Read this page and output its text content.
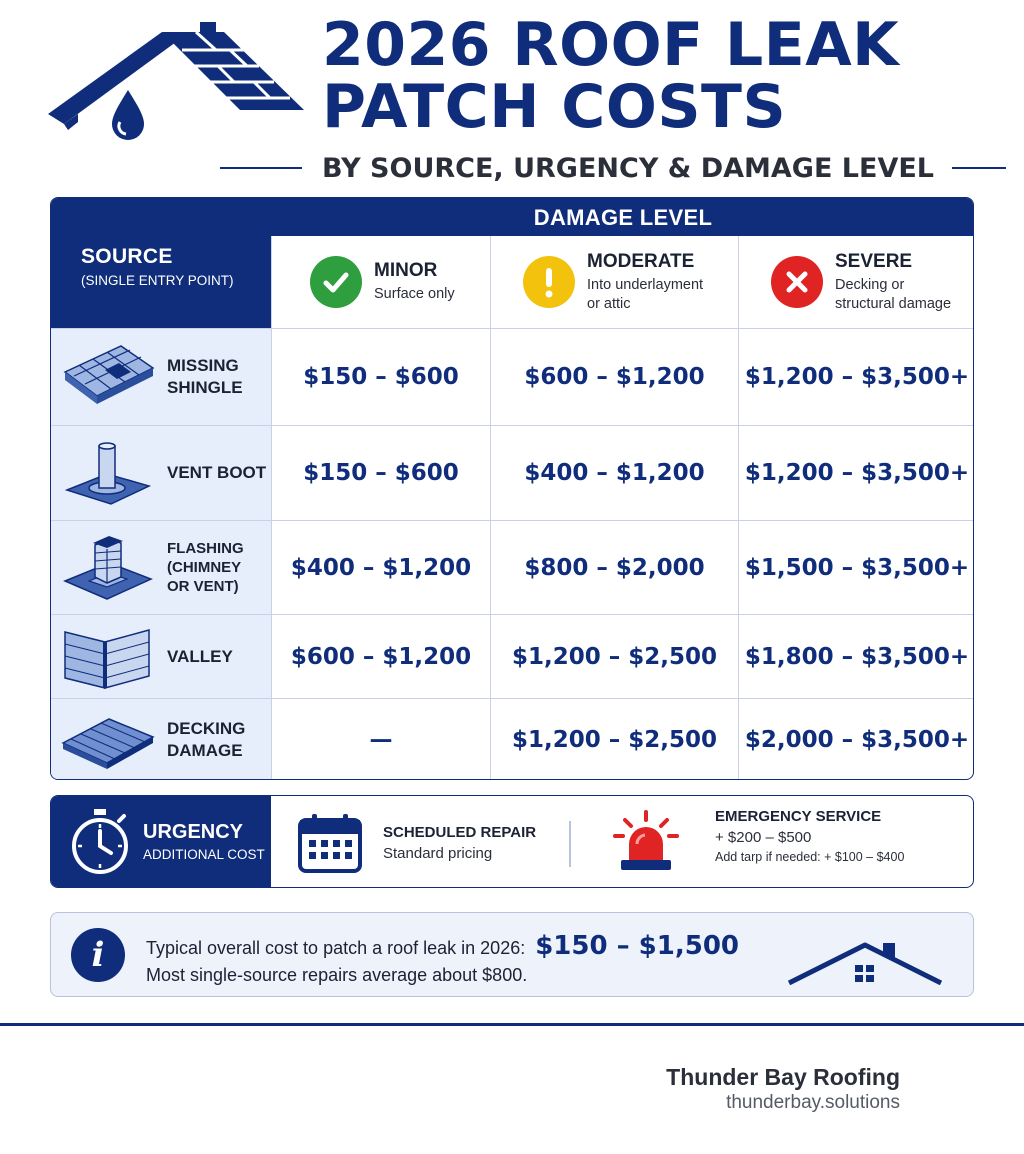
2026 ROOF LEAK
PATCH COSTS
BY SOURCE, URGENCY & DAMAGE LEVEL
SOURCE
(SINGLE ENTRY POINT)
DAMAGE LEVEL
MINOR
Surface only
MODERATE
Into underlayment
or attic
SEVERE
Decking or
structural damage
MISSING
SHINGLE	$150 – $600	$600 – $1,200	$1,200 – $3,500+
VENT BOOT	$150 – $600	$400 – $1,200	$1,200 – $3,500+
FLASHING
(CHIMNEY
OR VENT)
$400 – $1,200	$800 – $2,000	$1,500 – $3,500+
VALLEY	$600 – $1,200	$1,200 – $2,500	$1,800 – $3,500+
DECKING
DAMAGE	—	$1,200 – $2,500	$2,000 – $3,500+
URGENCY
ADDITIONAL COST
SCHEDULED REPAIR
Standard pricing
EMERGENCY SERVICE
+ $200 – $500
Add tarp if needed: + $100 – $400
i	Typical overall cost to patch a roof leak in 2026: $150 – $1,500
Most single-source repairs average about $800.
Thunder Bay Roofing
thunderbay.solutions
